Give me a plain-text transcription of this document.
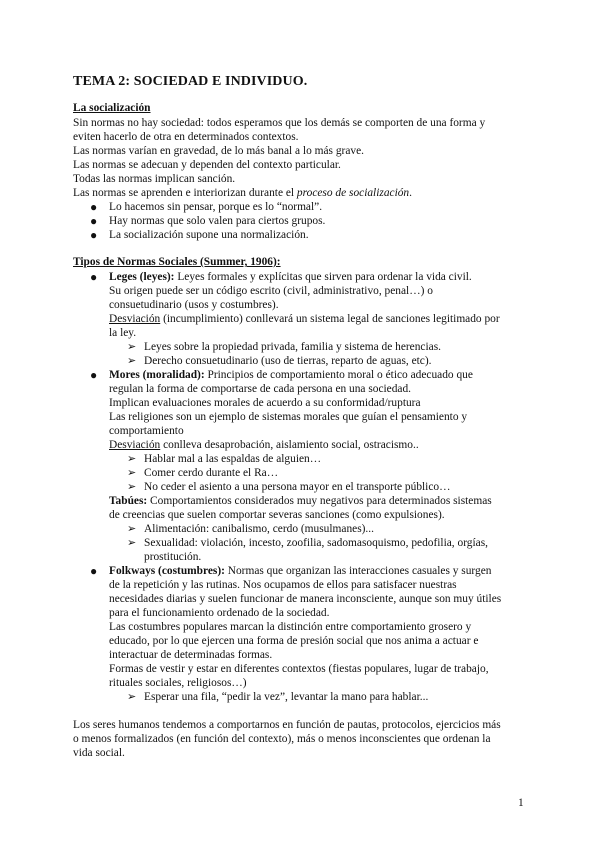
TEMA 2: SOCIEDAD E INDIVIDUO.
La socialización
Sin normas no hay sociedad: todos esperamos que los demás se comporten de una forma y
eviten hacerlo de otra en determinados contextos.
Las normas varían en gravedad, de lo más banal a lo más grave.
Las normas se adecuan y dependen del contexto particular.
Todas las normas implican sanción.
Las normas se aprenden e interiorizan durante el proceso de socialización.
● Lo hacemos sin pensar, porque es lo “normal”.
● Hay normas que solo valen para ciertos grupos.
● La socialización supone una normalización.
Tipos de Normas Sociales (Summer, 1906):
● Leges (leyes): Leyes formales y explícitas que sirven para ordenar la vida civil.
Su origen puede ser un código escrito (civil, administrativo, penal…) o
consuetudinario (usos y costumbres).
Desviación (incumplimiento) conllevará un sistema legal de sanciones legitimado por
la ley.
➢ Leyes sobre la propiedad privada, familia y sistema de herencias.
➢ Derecho consuetudinario (uso de tierras, reparto de aguas, etc).
● Mores (moralidad): Principios de comportamiento moral o ético adecuado que
regulan la forma de comportarse de cada persona en una sociedad.
Implican evaluaciones morales de acuerdo a su conformidad/ruptura
Las religiones son un ejemplo de sistemas morales que guían el pensamiento y
comportamiento
Desviación conlleva desaprobación, aislamiento social, ostracismo..
➢ Hablar mal a las espaldas de alguien…
➢ Comer cerdo durante el Ra…
➢ No ceder el asiento a una persona mayor en el transporte público…
Tabúes: Comportamientos considerados muy negativos para determinados sistemas
de creencias que suelen comportar severas sanciones (como expulsiones).
➢ Alimentación: canibalismo, cerdo (musulmanes)...
➢ Sexualidad: violación, incesto, zoofilia, sadomasoquismo, pedofilia, orgías,
prostitución.
● Folkways (costumbres): Normas que organizan las interacciones casuales y surgen
de la repetición y las rutinas. Nos ocupamos de ellos para satisfacer nuestras
necesidades diarias y suelen funcionar de manera inconsciente, aunque son muy útiles
para el funcionamiento ordenado de la sociedad.
Las costumbres populares marcan la distinción entre comportamiento grosero y
educado, por lo que ejercen una forma de presión social que nos anima a actuar e
interactuar de determinadas formas.
Formas de vestir y estar en diferentes contextos (fiestas populares, lugar de trabajo,
rituales sociales, religiosos…)
➢ Esperar una fila, “pedir la vez”, levantar la mano para hablar...
Los seres humanos tendemos a comportarnos en función de pautas, protocolos, ejercicios más
o menos formalizados (en función del contexto), más o menos inconscientes que ordenan la
vida social.
1
